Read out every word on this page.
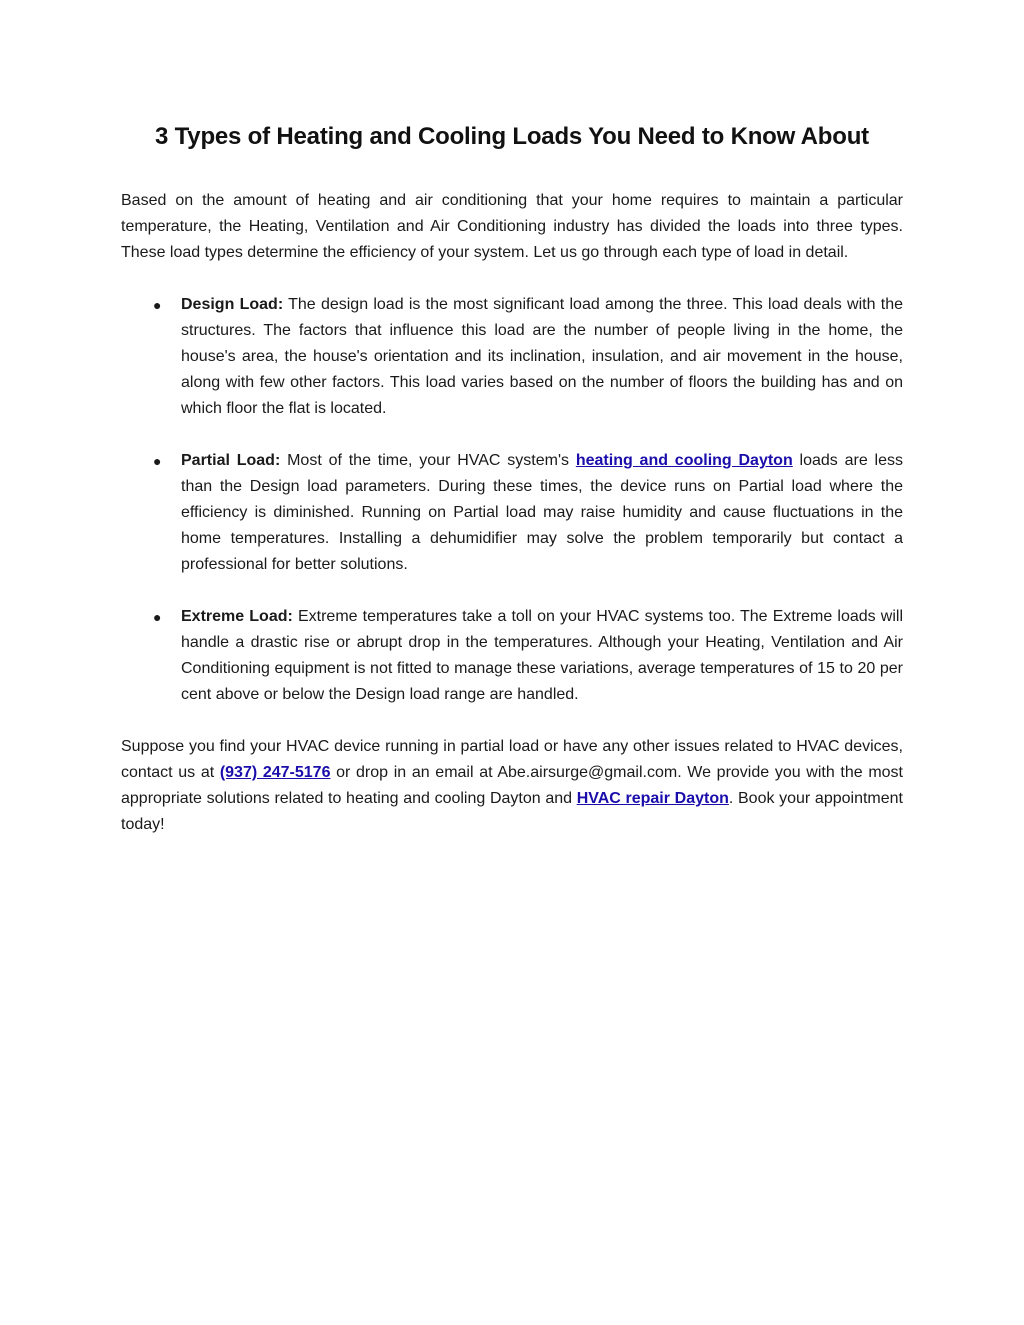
3 Types of Heating and Cooling Loads You Need to Know About

Based on the amount of heating and air conditioning that your home requires to maintain a particular temperature, the Heating, Ventilation and Air Conditioning industry has divided the loads into three types. These load types determine the efficiency of your system. Let us go through each type of load in detail.

● Design Load: The design load is the most significant load among the three. This load deals with the structures. The factors that influence this load are the number of people living in the home, the house's area, the house's orientation and its inclination, insulation, and air movement in the house, along with few other factors. This load varies based on the number of floors the building has and on which floor the flat is located.
● Partial Load: Most of the time, your HVAC system's heating and cooling Dayton loads are less than the Design load parameters. During these times, the device runs on Partial load where the efficiency is diminished. Running on Partial load may raise humidity and cause fluctuations in the home temperatures. Installing a dehumidifier may solve the problem temporarily but contact a professional for better solutions.
● Extreme Load: Extreme temperatures take a toll on your HVAC systems too. The Extreme loads will handle a drastic rise or abrupt drop in the temperatures. Although your Heating, Ventilation and Air Conditioning equipment is not fitted to manage these variations, average temperatures of 15 to 20 per cent above or below the Design load range are handled.

Suppose you find your HVAC device running in partial load or have any other issues related to HVAC devices, contact us at (937) 247-5176 or drop in an email at Abe.airsurge@gmail.com. We provide you with the most appropriate solutions related to heating and cooling Dayton and HVAC repair Dayton. Book your appointment today!
